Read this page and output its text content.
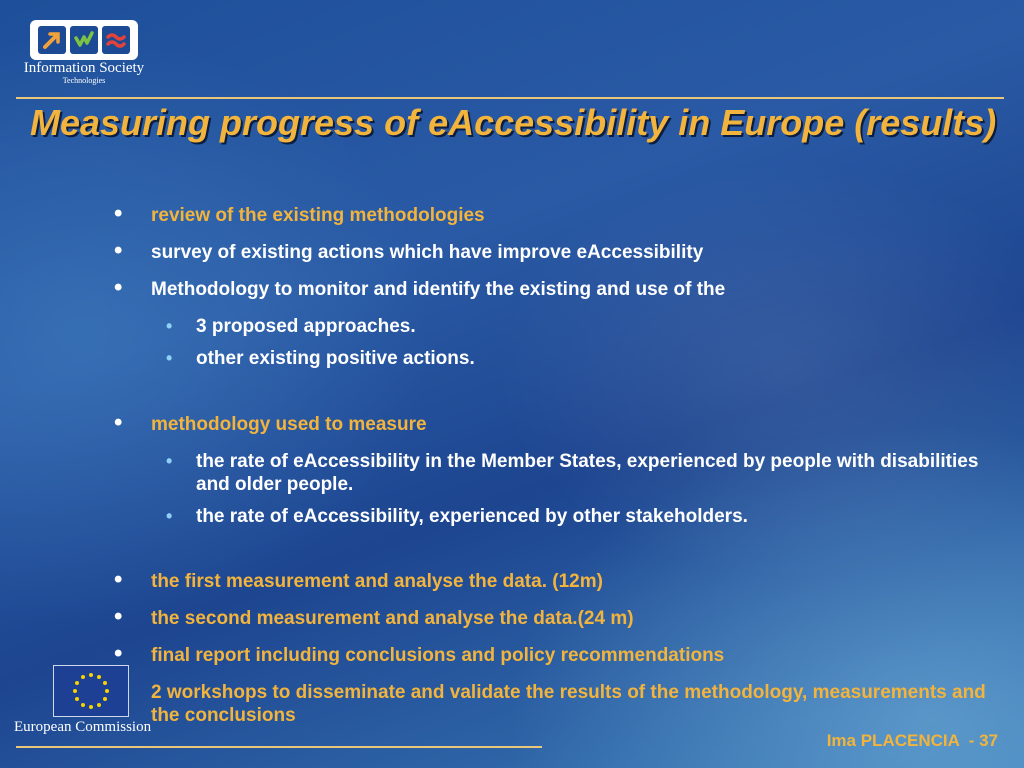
Information Society
Technologies
Measuring progress of eAccessibility in Europe (results)
• review of the existing methodologies
• survey of existing actions which have improve eAccessibility
• Methodology to monitor and identify the existing and use of the
• 3 proposed approaches.
• other existing positive actions.
• methodology used to measure
• the rate of eAccessibility in the Member States, experienced by people with disabilities and older people.
• the rate of eAccessibility, experienced by other stakeholders.
• the first measurement and analyse the data. (12m)
• the second measurement and analyse the data.(24 m)
• final report including conclusions and policy recommendations
• 2 workshops to disseminate and validate the results of the methodology, measurements and the conclusions
European Commission
Ima PLACENCIA  - 37
